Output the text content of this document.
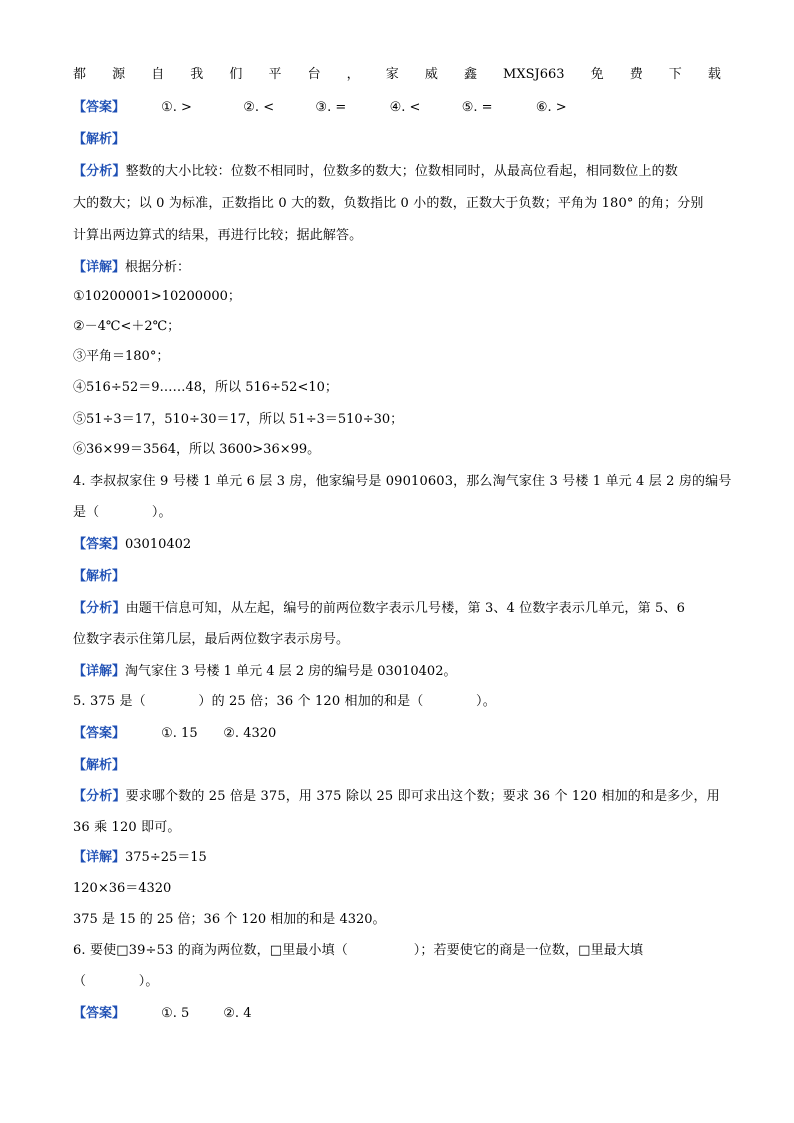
都 源 自 我 们 平 台 ， 家 威 鑫 MXSJ663 免 费 下 载
【答案】	①. >	②. <	③. =	④. <	⑤. =	⑥. >
【解析】
【分析】整数的大小比较：位数不相同时，位数多的数大；位数相同时，从最高位看起，相同数位上的数
大的数大；以 0 为标准，正数指比 0 大的数，负数指比 0 小的数，正数大于负数；平角为 180° 的角；分别
计算出两边算式的结果，再进行比较；据此解答。
【详解】根据分析：
①10200001>10200000；
②－4℃<＋2℃；
③平角＝180°；
④516÷52＝9……48，所以 516÷52<10；
⑤51÷3＝17，510÷30＝17，所以 51÷3＝510÷30；
⑥36×99＝3564，所以 3600>36×99。
4. 李叔叔家住 9 号楼 1 单元 6 层 3 房，他家编号是 09010603，那么淘气家住 3 号楼 1 单元 4 层 2 房的编号
是（　　　　）。
【答案】03010402
【解析】
【分析】由题干信息可知，从左起，编号的前两位数字表示几号楼，第 3、4 位数字表示几单元，第 5、6
位数字表示住第几层，最后两位数字表示房号。
【详解】淘气家住 3 号楼 1 单元 4 层 2 房的编号是 03010402。
5. 375 是（　　　　）的 25 倍；36 个 120 相加的和是（　　　　）。
【答案】	①. 15 ②. 4320
【解析】
【分析】要求哪个数的 25 倍是 375，用 375 除以 25 即可求出这个数；要求 36 个 120 相加的和是多少，用
36 乘 120 即可。
【详解】375÷25＝15
120×36＝4320
375 是 15 的 25 倍；36 个 120 相加的和是 4320。
6. 要使□39÷53 的商为两位数，□里最小填（　　　　　）；若要使它的商是一位数，□里最大填
（　　　　）。
【答案】	①. 5	②. 4
